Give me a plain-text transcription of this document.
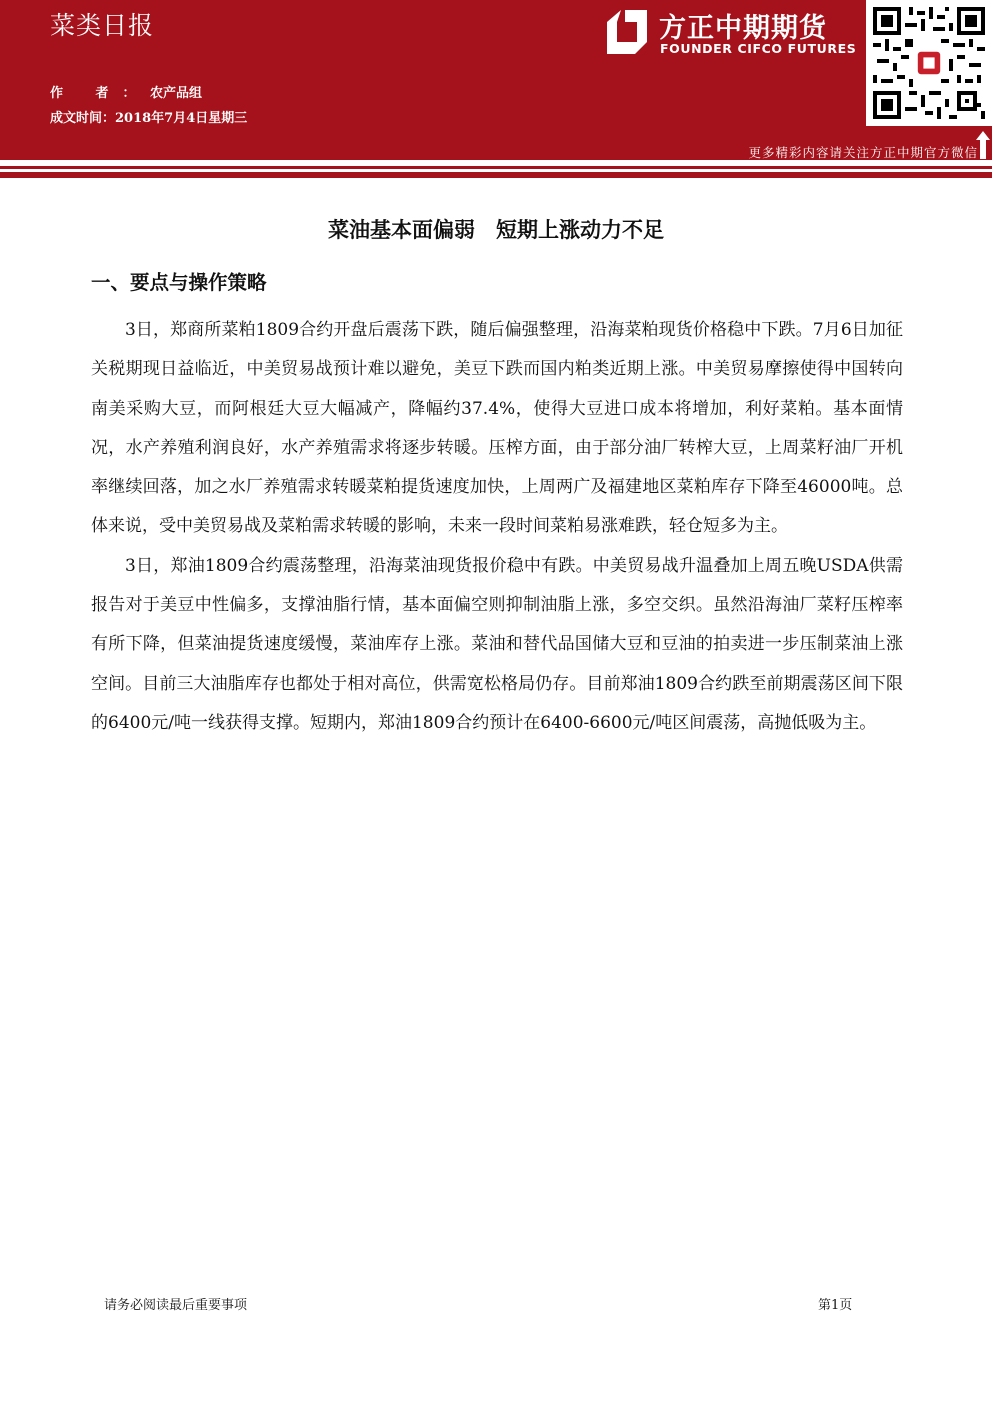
菜类日报
作 者：农产品组
成文时间：2018年7月4日星期三
方正中期期货
FOUNDER CIFCO FUTURES
更多精彩内容请关注方正中期官方微信
菜油基本面偏弱　短期上涨动力不足
一、要点与操作策略

3日，郑商所菜粕1809合约开盘后震荡下跌，随后偏强整理，沿海菜粕现货价格稳中下跌。7月6日加征关税期现日益临近，中美贸易战预计难以避免，美豆下跌而国内粕类近期上涨。中美贸易摩擦使得中国转向南美采购大豆，而阿根廷大豆大幅减产，降幅约37.4%，使得大豆进口成本将增加，利好菜粕。基本面情况，水产养殖利润良好，水产养殖需求将逐步转暖。压榨方面，由于部分油厂转榨大豆，上周菜籽油厂开机率继续回落，加之水厂养殖需求转暖菜粕提货速度加快，上周两广及福建地区菜粕库存下降至46000吨。总体来说，受中美贸易战及菜粕需求转暖的影响，未来一段时间菜粕易涨难跌，轻仓短多为主。

3日，郑油1809合约震荡整理，沿海菜油现货报价稳中有跌。中美贸易战升温叠加上周五晚USDA供需报告对于美豆中性偏多，支撑油脂行情，基本面偏空则抑制油脂上涨，多空交织。虽然沿海油厂菜籽压榨率有所下降，但菜油提货速度缓慢，菜油库存上涨。菜油和替代品国储大豆和豆油的拍卖进一步压制菜油上涨空间。目前三大油脂库存也都处于相对高位，供需宽松格局仍存。目前郑油1809合约跌至前期震荡区间下限的6400元/吨一线获得支撑。短期内，郑油1809合约预计在6400-6600元/吨区间震荡，高抛低吸为主。

请务必阅读最后重要事项	第1页
